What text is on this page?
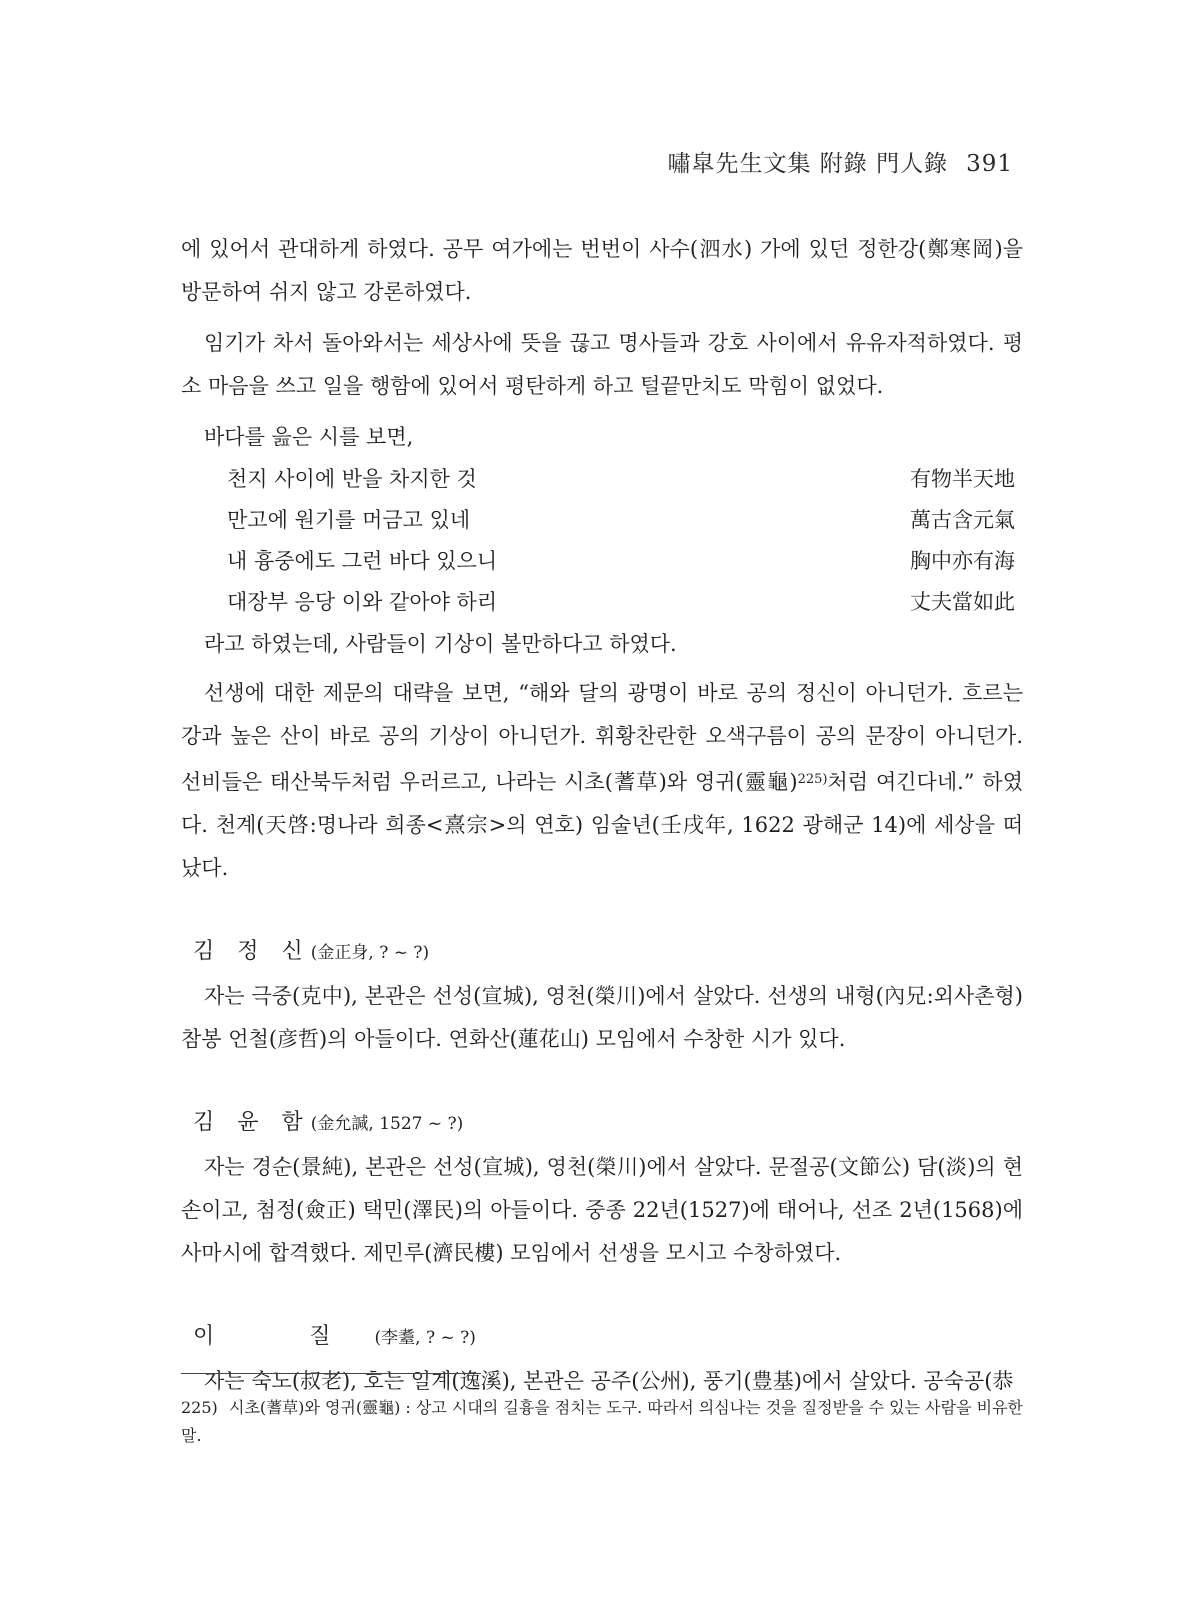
嘯皐先生文集 附錄 門人錄 391

에 있어서 관대하게 하였다. 공무 여가에는 번번이 사수(泗水) 가에 있던 정한강(鄭寒岡)을 방문하여 쉬지 않고 강론하였다.

임기가 차서 돌아와서는 세상사에 뜻을 끊고 명사들과 강호 사이에서 유유자적하였다. 평소 마음을 쓰고 일을 행함에 있어서 평탄하게 하고 털끝만치도 막힘이 없었다.

바다를 읊은 시를 보면,

천지 사이에 반을 차지한 것	有物半天地
만고에 원기를 머금고 있네	萬古含元氣
내 흉중에도 그런 바다 있으니	胸中亦有海
대장부 응당 이와 같아야 하리	丈夫當如此

라고 하였는데, 사람들이 기상이 볼만하다고 하였다.

선생에 대한 제문의 대략을 보면, “해와 달의 광명이 바로 공의 정신이 아니던가. 흐르는 강과 높은 산이 바로 공의 기상이 아니던가. 휘황찬란한 오색구름이 공의 문장이 아니던가. 선비들은 태산북두처럼 우러르고, 나라는 시초(蓍草)와 영귀(靈龜)$^{225)}$처럼 여긴다네.” 하였다. 천계(天啓:명나라 희종<熹宗>의 연호) 임술년(壬戌年, 1622 광해군 14)에 세상을 떠났다.

김 정 신(金正身, ? ~ ?)

자는 극중(克中), 본관은 선성(宣城), 영천(榮川)에서 살았다. 선생의 내형(內兄:외사촌형) 참봉 언철(彦哲)의 아들이다. 연화산(蓮花山) 모임에서 수창한 시가 있다.

김 윤 함(金允諴, 1527 ~ ?)

자는 경순(景純), 본관은 선성(宣城), 영천(榮川)에서 살았다. 문절공(文節公) 담(淡)의 현손이고, 첨정(僉正) 택민(澤民)의 아들이다. 중종 22년(1527)에 태어나, 선조 2년(1568)에 사마시에 합격했다. 제민루(濟民樓) 모임에서 선생을 모시고 수창하였다.

이 질(李耋, ? ~ ?)

자는 숙노(叔老), 호는 일계(逸溪), 본관은 공주(公州), 풍기(豊基)에서 살았다. 공숙공(恭

225) 시초(蓍草)와 영귀(靈龜) : 상고 시대의 길흉을 점치는 도구. 따라서 의심나는 것을 질정받을 수 있는 사람을 비유한 말.
